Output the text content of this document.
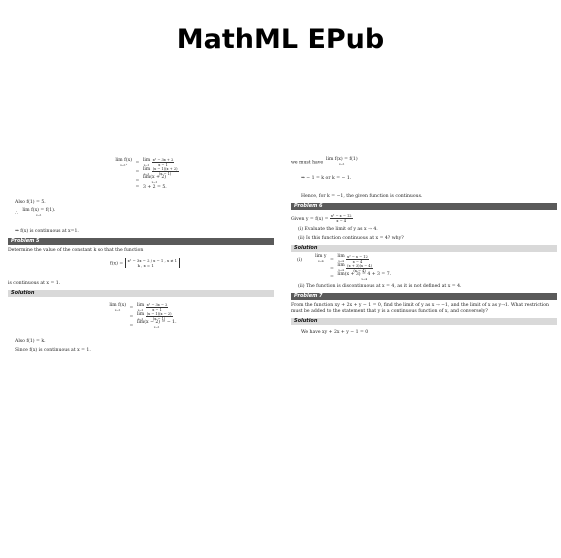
MathML EPub
lim f(x)
x→1⁺	= lim
x→1
$\frac{\text{x² − 3x + 2}}{x - 1}$
= lim
x→1
$\frac{(x - 1)(x + 2)}{(x - 1)}$
= lim(x + 2)
x→1
= 3 + 2 = 5.
Also f(1) = 5.
∴   lim f(x) = f(1).
x→1
⇒ f(x) is continuous at x=1.
Problem 5
Determine the value of the constant k so that the function
f(x) =
x² − 3x − 2 / x − 1 , x ≠ 1
k , x = 1
is continuous at x = 1.
Solution
lim f(x)
x→1	= lim
x→1
$\frac{\text{x² − 3x − 2}}{x - 1}$
= lim
x→1
$\frac{(x - 1)(x - 2)}{(x - 1)}$
= lim(x − 2) = − 1.
x→1
Also f(1) = k.
Since f(x) is continuous at x = 1.
we must have  lim f(x) = f(1)
x→1
⇒ − 1 = k or k = − 1.
Hence, for k = −1, the given function is continuous.
Problem 6
Given $y = f(x) = \frac{\text{x² − x − 12}}{x - 4}$
(i) Evaluate the limit of y as x → 4.
(ii) Is this function continuous at x = 4? why?
Solution
(i) lim y
x→4	= lim
x→4
$\frac{\text{x² − x − 12}}{x - 4}$
= lim
x→4
$\frac{(x + 3)(x - 4)}{(x - 4)}$
= lim(x + 3) = 4 + 3 = 7.
x→4
(ii) The function is discontinuous at x = 4, as it is not defined at x = 4.
Problem 7
From the function xy + 2x + y − 1 = 0, find the limit of y as x → −1, and the limit of x as y→1. What restriction must be added to the statement that y is a continuous function of x, and conversely?
Solution
We have xy + 2x + y − 1 = 0
